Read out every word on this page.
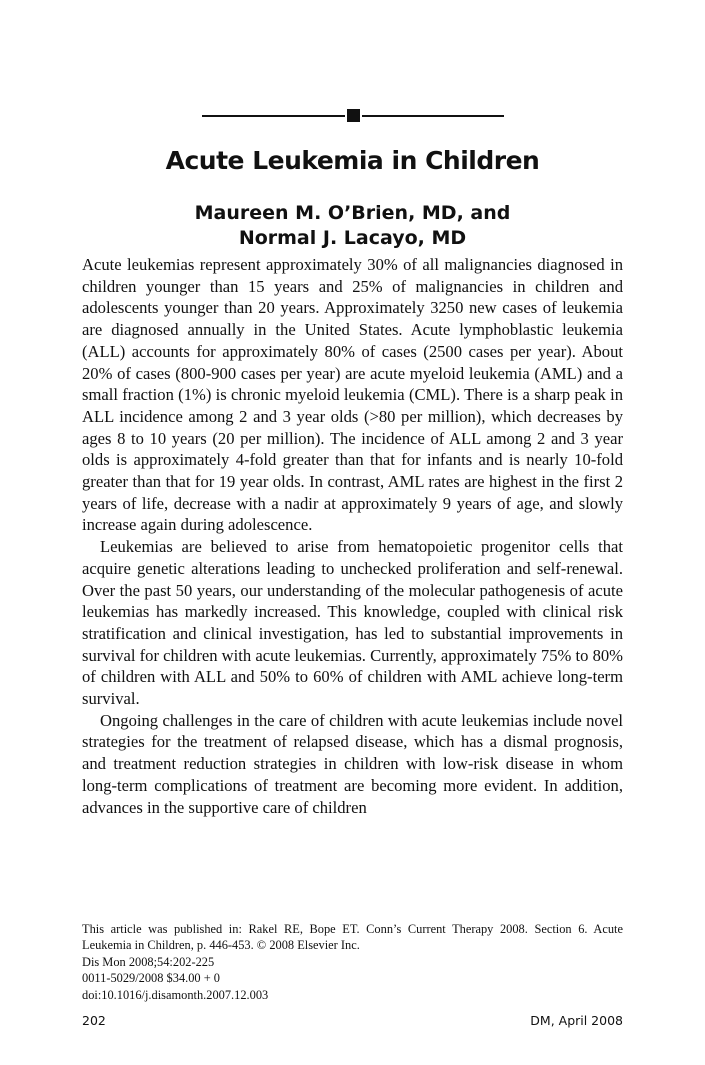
Acute Leukemia in Children
Maureen M. O’Brien, MD, and
Normal J. Lacayo, MD

Acute leukemias represent approximately 30% of all malignancies diagnosed in children younger than 15 years and 25% of malignancies in children and adolescents younger than 20 years. Approximately 3250 new cases of leukemia are diagnosed annually in the United States. Acute lymphoblastic leukemia (ALL) accounts for approximately 80% of cases (2500 cases per year). About 20% of cases (800-900 cases per year) are acute myeloid leukemia (AML) and a small fraction (1%) is chronic myeloid leukemia (CML). There is a sharp peak in ALL incidence among 2 and 3 year olds (>80 per million), which decreases by ages 8 to 10 years (20 per million). The incidence of ALL among 2 and 3 year olds is approximately 4-fold greater than that for infants and is nearly 10-fold greater than that for 19 year olds. In contrast, AML rates are highest in the first 2 years of life, decrease with a nadir at approximately 9 years of age, and slowly increase again during adolescence.

Leukemias are believed to arise from hematopoietic progenitor cells that acquire genetic alterations leading to unchecked proliferation and self-renewal. Over the past 50 years, our understanding of the molecular pathogenesis of acute leukemias has markedly increased. This knowledge, coupled with clinical risk stratification and clinical investigation, has led to substantial improvements in survival for children with acute leukemias. Currently, approximately 75% to 80% of children with ALL and 50% to 60% of children with AML achieve long-term survival.

Ongoing challenges in the care of children with acute leukemias include novel strategies for the treatment of relapsed disease, which has a dismal prognosis, and treatment reduction strategies in children with low-risk disease in whom long-term complications of treatment are becoming more evident. In addition, advances in the supportive care of children

This article was published in: Rakel RE, Bope ET. Conn’s Current Therapy 2008. Section 6. Acute Leukemia in Children, p. 446-453. © 2008 Elsevier Inc.
Dis Mon 2008;54:202-225
0011-5029/2008 $34.00 + 0
doi:10.1016/j.disamonth.2007.12.003
202	DM, April 2008
